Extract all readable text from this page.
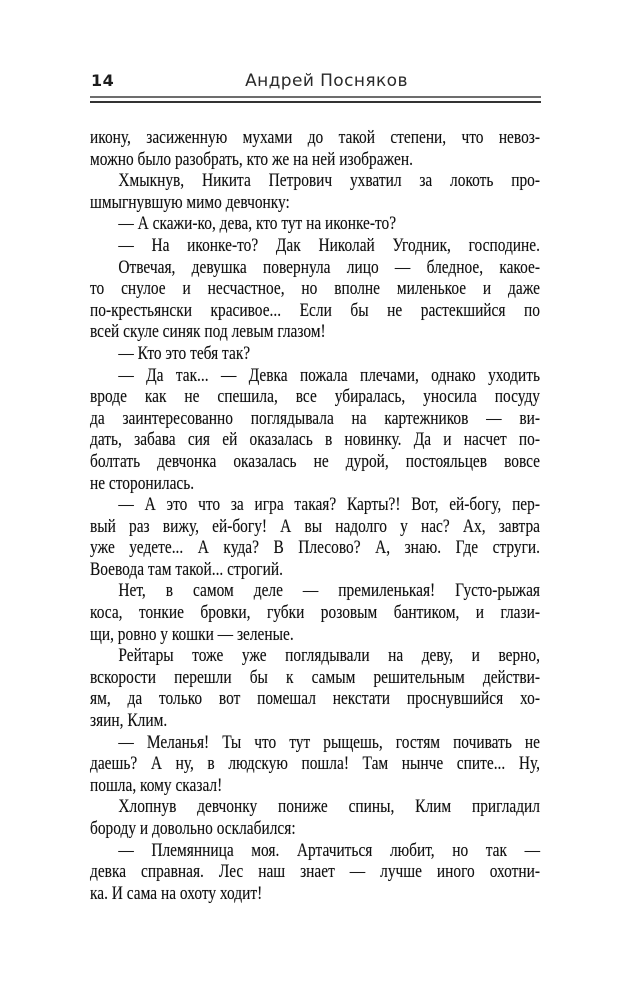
14	Андрей Посняков
икону, засиженную мухами до такой степени, что невоз-
можно было разобрать, кто же на ней изображен.
Хмыкнув, Никита Петрович ухватил за локоть про-
шмыгнувшую мимо девчонку:
— А скажи-ко, дева, кто тут на иконке-то?
— На иконке-то? Дак Николай Угодник, господине.
Отвечая, девушка повернула лицо — бледное, какое-
то снулое и несчастное, но вполне миленькое и даже
по-крестьянски красивое... Если бы не растекшийся по
всей скуле синяк под левым глазом!
— Кто это тебя так?
— Да так... — Девка пожала плечами, однако уходить
вроде как не спешила, все убиралась, уносила посуду
да заинтересованно поглядывала на картежников — ви-
дать, забава сия ей оказалась в новинку. Да и насчет по-
болтать девчонка оказалась не дурой, постояльцев вовсе
не сторонилась.
— А это что за игра такая? Карты?! Вот, ей-богу, пер-
вый раз вижу, ей-богу! А вы надолго у нас? Ах, завтра
уже уедете... А куда? В Плесово? А, знаю. Где струги.
Воевода там такой... строгий.
Нет, в самом деле — премиленькая! Густо-рыжая
коса, тонкие бровки, губки розовым бантиком, и глази-
щи, ровно у кошки — зеленые.
Рейтары тоже уже поглядывали на деву, и верно,
вскорости перешли бы к самым решительным действи-
ям, да только вот помешал некстати проснувшийся хо-
зяин, Клим.
— Меланья! Ты что тут рыщешь, гостям почивать не
даешь? А ну, в людскую пошла! Там нынче спите... Ну,
пошла, кому сказал!
Хлопнув девчонку пониже спины, Клим пригладил
бороду и довольно осклабился:
— Племянница моя. Артачиться любит, но так —
девка справная. Лес наш знает — лучше иного охотни-
ка. И сама на охоту ходит!
